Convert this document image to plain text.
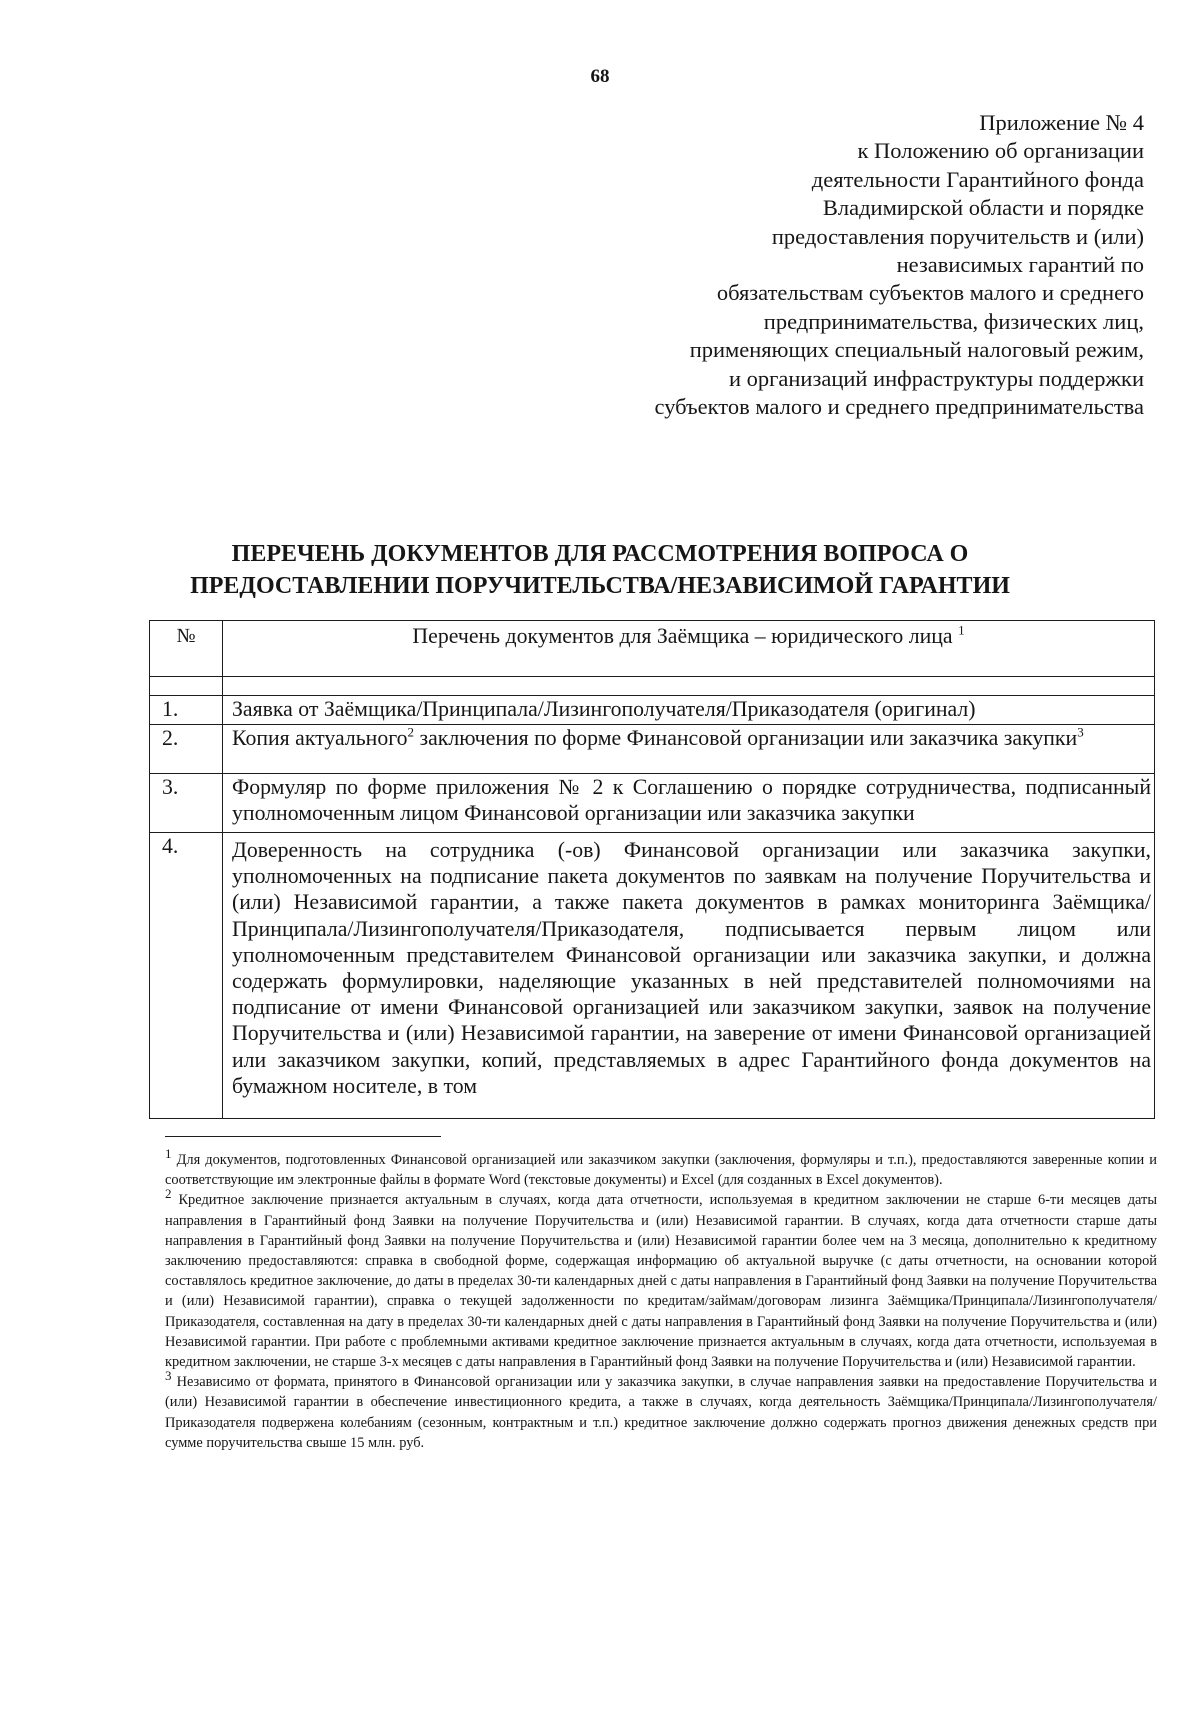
68
Приложение № 4
к Положению об организации
деятельности Гарантийного фонда
Владимирской области и порядке
предоставления поручительств и (или)
независимых гарантий по
обязательствам субъектов малого и среднего
предпринимательства, физических лиц,
применяющих специальный налоговый режим,
и организаций инфраструктуры поддержки
субъектов малого и среднего предпринимательства
ПЕРЕЧЕНЬ ДОКУМЕНТОВ ДЛЯ РАССМОТРЕНИЯ ВОПРОСА О
ПРЕДОСТАВЛЕНИИ ПОРУЧИТЕЛЬСТВА/НЕЗАВИСИМОЙ ГАРАНТИИ
№	Перечень документов для Заёмщика – юридического лица $^1$

1.	Заявка от Заёмщика/Принципала/Лизингополучателя/Приказодателя (оригинал)
2.	Копия актуального$^2$ заключения по форме Финансовой организации или заказчика закупки$^3$
3.	Формуляр по форме приложения № 2 к Соглашению о порядке сотрудничества, подписанный уполномоченным лицом Финансовой организации или заказчика закупки
4.	Доверенность на сотрудника (-ов) Финансовой организации или заказчика закупки, уполномоченных на подписание пакета документов по заявкам на получение Поручительства и (или) Независимой гарантии, а также пакета документов в рамках мониторинга Заёмщика/Принципала/Лизингополучателя/Приказодателя, подписывается первым лицом или уполномоченным представителем Финансовой организации или заказчика закупки, и должна содержать формулировки, наделяющие указанных в ней представителей полномочиями на подписание от имени Финансовой организацией или заказчиком закупки, заявок на получение Поручительства и (или) Независимой гарантии, на заверение от имени Финансовой организацией или заказчиком закупки, копий, представляемых в адрес Гарантийного фонда документов на бумажном носителе, в том
$^1$ Для документов, подготовленных Финансовой организацией или заказчиком закупки (заключения, формуляры и т.п.), предоставляются заверенные копии и соответствующие им электронные файлы в формате Word (текстовые документы) и Excel (для созданных в Excel документов).
$^2$ Кредитное заключение признается актуальным в случаях, когда дата отчетности, используемая в кредитном заключении не старше 6-ти месяцев даты направления в Гарантийный фонд Заявки на получение Поручительства и (или) Независимой гарантии. В случаях, когда дата отчетности старше даты направления в Гарантийный фонд Заявки на получение Поручительства и (или) Независимой гарантии более чем на 3 месяца, дополнительно к кредитному заключению предоставляются: справка в свободной форме, содержащая информацию об актуальной выручке (с даты отчетности, на основании которой составлялось кредитное заключение, до даты в пределах 30-ти календарных дней с даты направления в Гарантийный фонд Заявки на получение Поручительства и (или) Независимой гарантии), справка о текущей задолженности по кредитам/займам/договорам лизинга Заёмщика/Принципала/Лизингополучателя/Приказодателя, составленная на дату в пределах 30-ти календарных дней с даты направления в Гарантийный фонд Заявки на получение Поручительства и (или) Независимой гарантии. При работе с проблемными активами кредитное заключение признается актуальным в случаях, когда дата отчетности, используемая в кредитном заключении, не старше 3-х месяцев с даты направления в Гарантийный фонд Заявки на получение Поручительства и (или) Независимой гарантии.
$^3$ Независимо от формата, принятого в Финансовой организации или у заказчика закупки, в случае направления заявки на предоставление Поручительства и (или) Независимой гарантии в обеспечение инвестиционного кредита, а также в случаях, когда деятельность Заёмщика/Принципала/Лизингополучателя/Приказодателя подвержена колебаниям (сезонным, контрактным и т.п.) кредитное заключение должно содержать прогноз движения денежных средств при сумме поручительства свыше 15 млн. руб.
